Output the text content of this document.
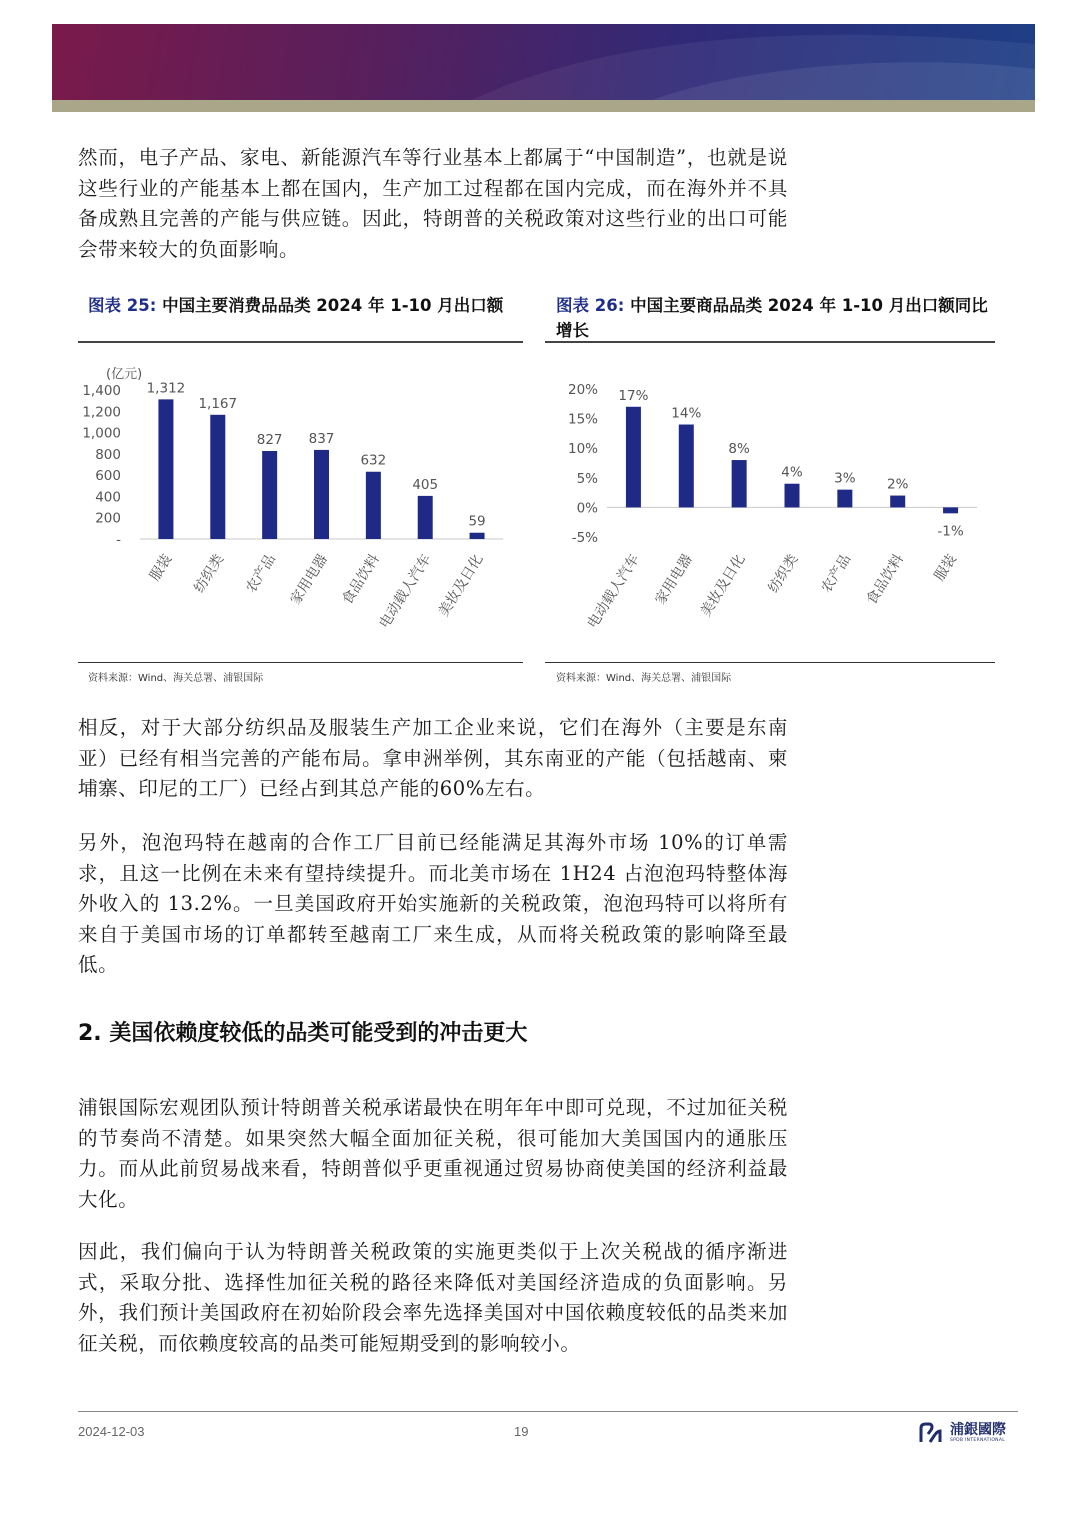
然而，电子产品、家电、新能源汽车等行业基本上都属于“中国制造”，也就是说这些行业的产能基本上都在国内，生产加工过程都在国内完成，而在海外并不具备成熟且完善的产能与供应链。因此，特朗普的关税政策对这些行业的出口可能会带来较大的负面影响。

图表 25: 中国主要消费品品类 2024 年 1-10 月出口额

(亿元)
-
200
400
600
800
1,000
1,200
1,400 1,312
服装
1,167
纺织类
827
农产品
837
家用电器
632
食品饮料
405
电动载人汽车
59
美妆及日化
资料来源：Wind、海关总署、浦银国际

图表 26: 中国主要商品品类 2024 年 1-10 月出口额同比增长

-5%
0%
5%
10%
15%
20% 17%
电动载人汽车
14%
家用电器
8%
美妆及日化
4%
纺织类
3%
农产品
2%
食品饮料
-1%
服装
资料来源：Wind、海关总署、浦银国际

相反，对于大部分纺织品及服装生产加工企业来说，它们在海外（主要是东南亚）已经有相当完善的产能布局。拿申洲举例，其东南亚的产能（包括越南、柬埔寨、印尼的工厂）已经占到其总产能的60%左右。

另外，泡泡玛特在越南的合作工厂目前已经能满足其海外市场 10%的订单需求，且这一比例在未来有望持续提升。而北美市场在 1H24 占泡泡玛特整体海外收入的 13.2%。一旦美国政府开始实施新的关税政策，泡泡玛特可以将所有来自于美国市场的订单都转至越南工厂来生成，从而将关税政策的影响降至最低。

2. 美国依赖度较低的品类可能受到的冲击更大

浦银国际宏观团队预计特朗普关税承诺最快在明年年中即可兑现，不过加征关税的节奏尚不清楚。如果突然大幅全面加征关税，很可能加大美国国内的通胀压力。而从此前贸易战来看，特朗普似乎更重视通过贸易协商使美国的经济利益最大化。

因此，我们偏向于认为特朗普关税政策的实施更类似于上次关税战的循序渐进式，采取分批、选择性加征关税的路径来降低对美国经济造成的负面影响。另外，我们预计美国政府在初始阶段会率先选择美国对中国依赖度较低的品类来加征关税，而依赖度较高的品类可能短期受到的影响较小。

2024-12-03	19	浦銀國際
SPDB INTERNATIONAL
